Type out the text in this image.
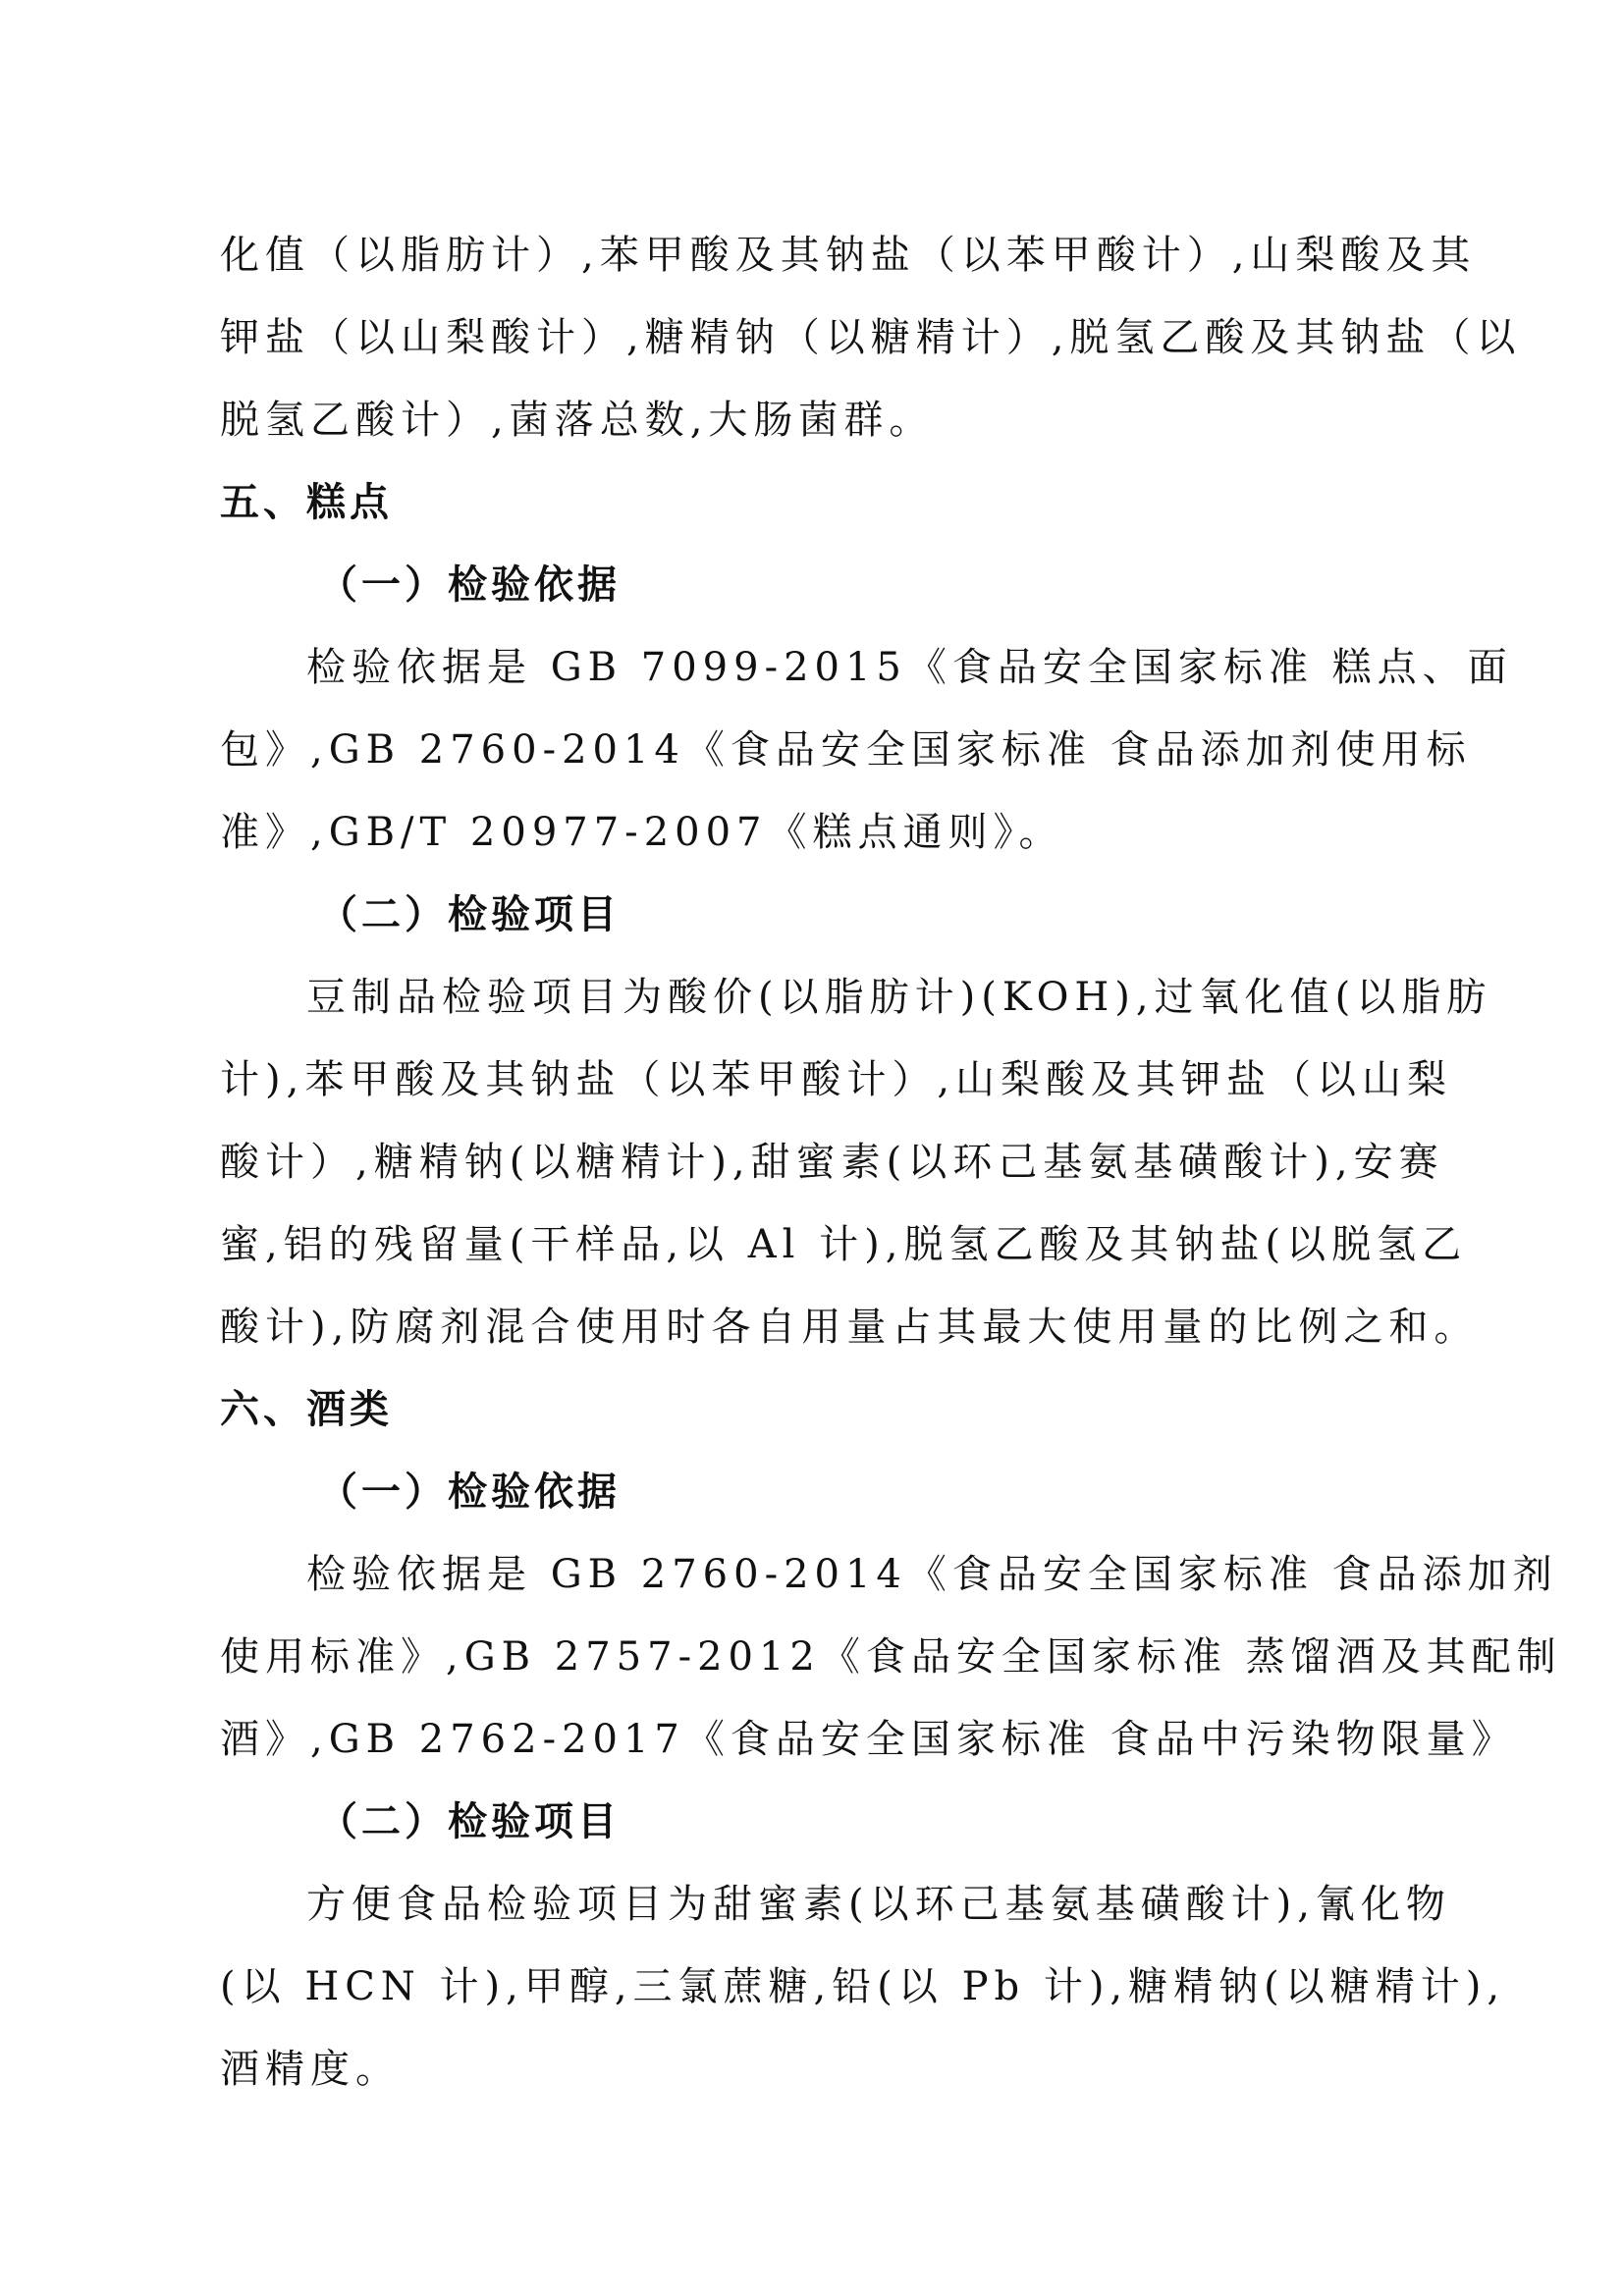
化值（以脂肪计）,苯甲酸及其钠盐（以苯甲酸计）,山梨酸及其
钾盐（以山梨酸计）,糖精钠（以糖精计）,脱氢乙酸及其钠盐（以
脱氢乙酸计）,菌落总数,大肠菌群。
五、糕点
（一）检验依据
检验依据是 GB 7099-2015《食品安全国家标准 糕点、面
包》,GB 2760-2014《食品安全国家标准 食品添加剂使用标
准》,GB/T 20977-2007《糕点通则》。
（二）检验项目
豆制品检验项目为酸价(以脂肪计)(KOH),过氧化值(以脂肪
计),苯甲酸及其钠盐（以苯甲酸计）,山梨酸及其钾盐（以山梨
酸计）,糖精钠(以糖精计),甜蜜素(以环己基氨基磺酸计),安赛
蜜,铝的残留量(干样品,以 Al 计),脱氢乙酸及其钠盐(以脱氢乙
酸计),防腐剂混合使用时各自用量占其最大使用量的比例之和。
六、酒类
（一）检验依据
检验依据是 GB 2760-2014《食品安全国家标准 食品添加剂
使用标准》,GB 2757-2012《食品安全国家标准 蒸馏酒及其配制
酒》,GB 2762-2017《食品安全国家标准 食品中污染物限量》
（二）检验项目
方便食品检验项目为甜蜜素(以环己基氨基磺酸计),氰化物
(以 HCN 计),甲醇,三氯蔗糖,铅(以 Pb 计),糖精钠(以糖精计),
酒精度。
